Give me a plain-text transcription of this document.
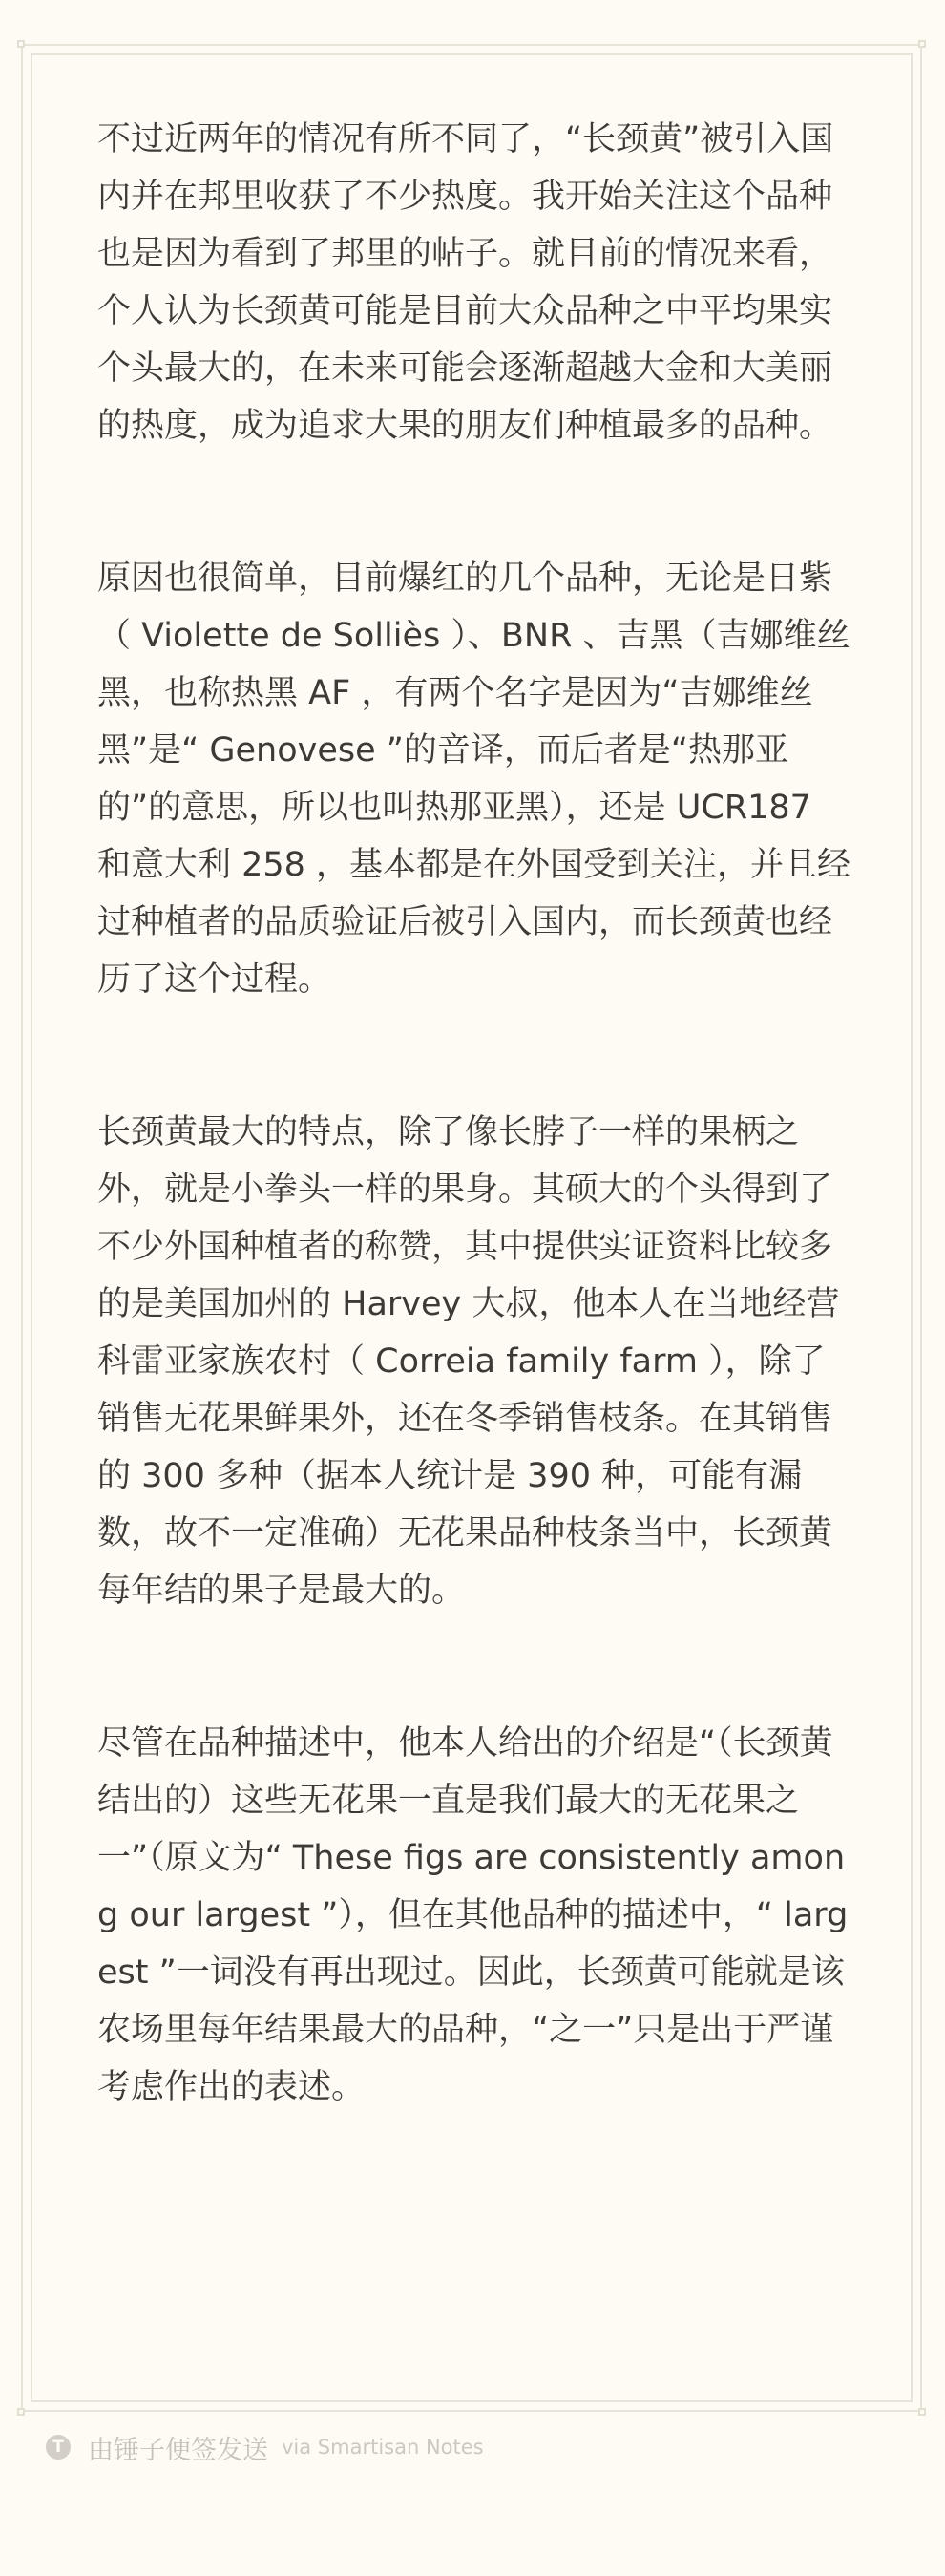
不过近两年的情况有所不同了，“长颈黄”被引入国内并在邦里收获了不少热度。我开始关注这个品种也是因为看到了邦里的帖子。就目前的情况来看，个人认为长颈黄可能是目前大众品种之中平均果实个头最大的，在未来可能会逐渐超越大金和大美丽的热度，成为追求大果的朋友们种植最多的品种。

原因也很简单，目前爆红的几个品种，无论是日紫（ Violette de Solliès ）、BNR 、吉黑（吉娜维丝黑，也称热黑 AF ，有两个名字是因为“吉娜维丝黑”是“ Genovese ”的音译，而后者是“热那亚的”的意思，所以也叫热那亚黑），还是 UCR187 和意大利 258 ，基本都是在外国受到关注，并且经过种植者的品质验证后被引入国内，而长颈黄也经历了这个过程。

长颈黄最大的特点，除了像长脖子一样的果柄之外，就是小拳头一样的果身。其硕大的个头得到了不少外国种植者的称赞，其中提供实证资料比较多的是美国加州的 Harvey 大叔，他本人在当地经营科雷亚家族农村（ Correia family farm ），除了销售无花果鲜果外，还在冬季销售枝条。在其销售的 300 多种（据本人统计是 390 种，可能有漏数，故不一定准确）无花果品种枝条当中，长颈黄每年结的果子是最大的。

尽管在品种描述中，他本人给出的介绍是“（长颈黄结出的）这些无花果一直是我们最大的无花果之一”（原文为“ These figs are consistently among our largest ”），但在其他品种的描述中，“ largest ”一词没有再出现过。因此，长颈黄可能就是该农场里每年结果最大的品种，“之一”只是出于严谨考虑作出的表述。

T 由锤子便签发送 via Smartisan Notes
